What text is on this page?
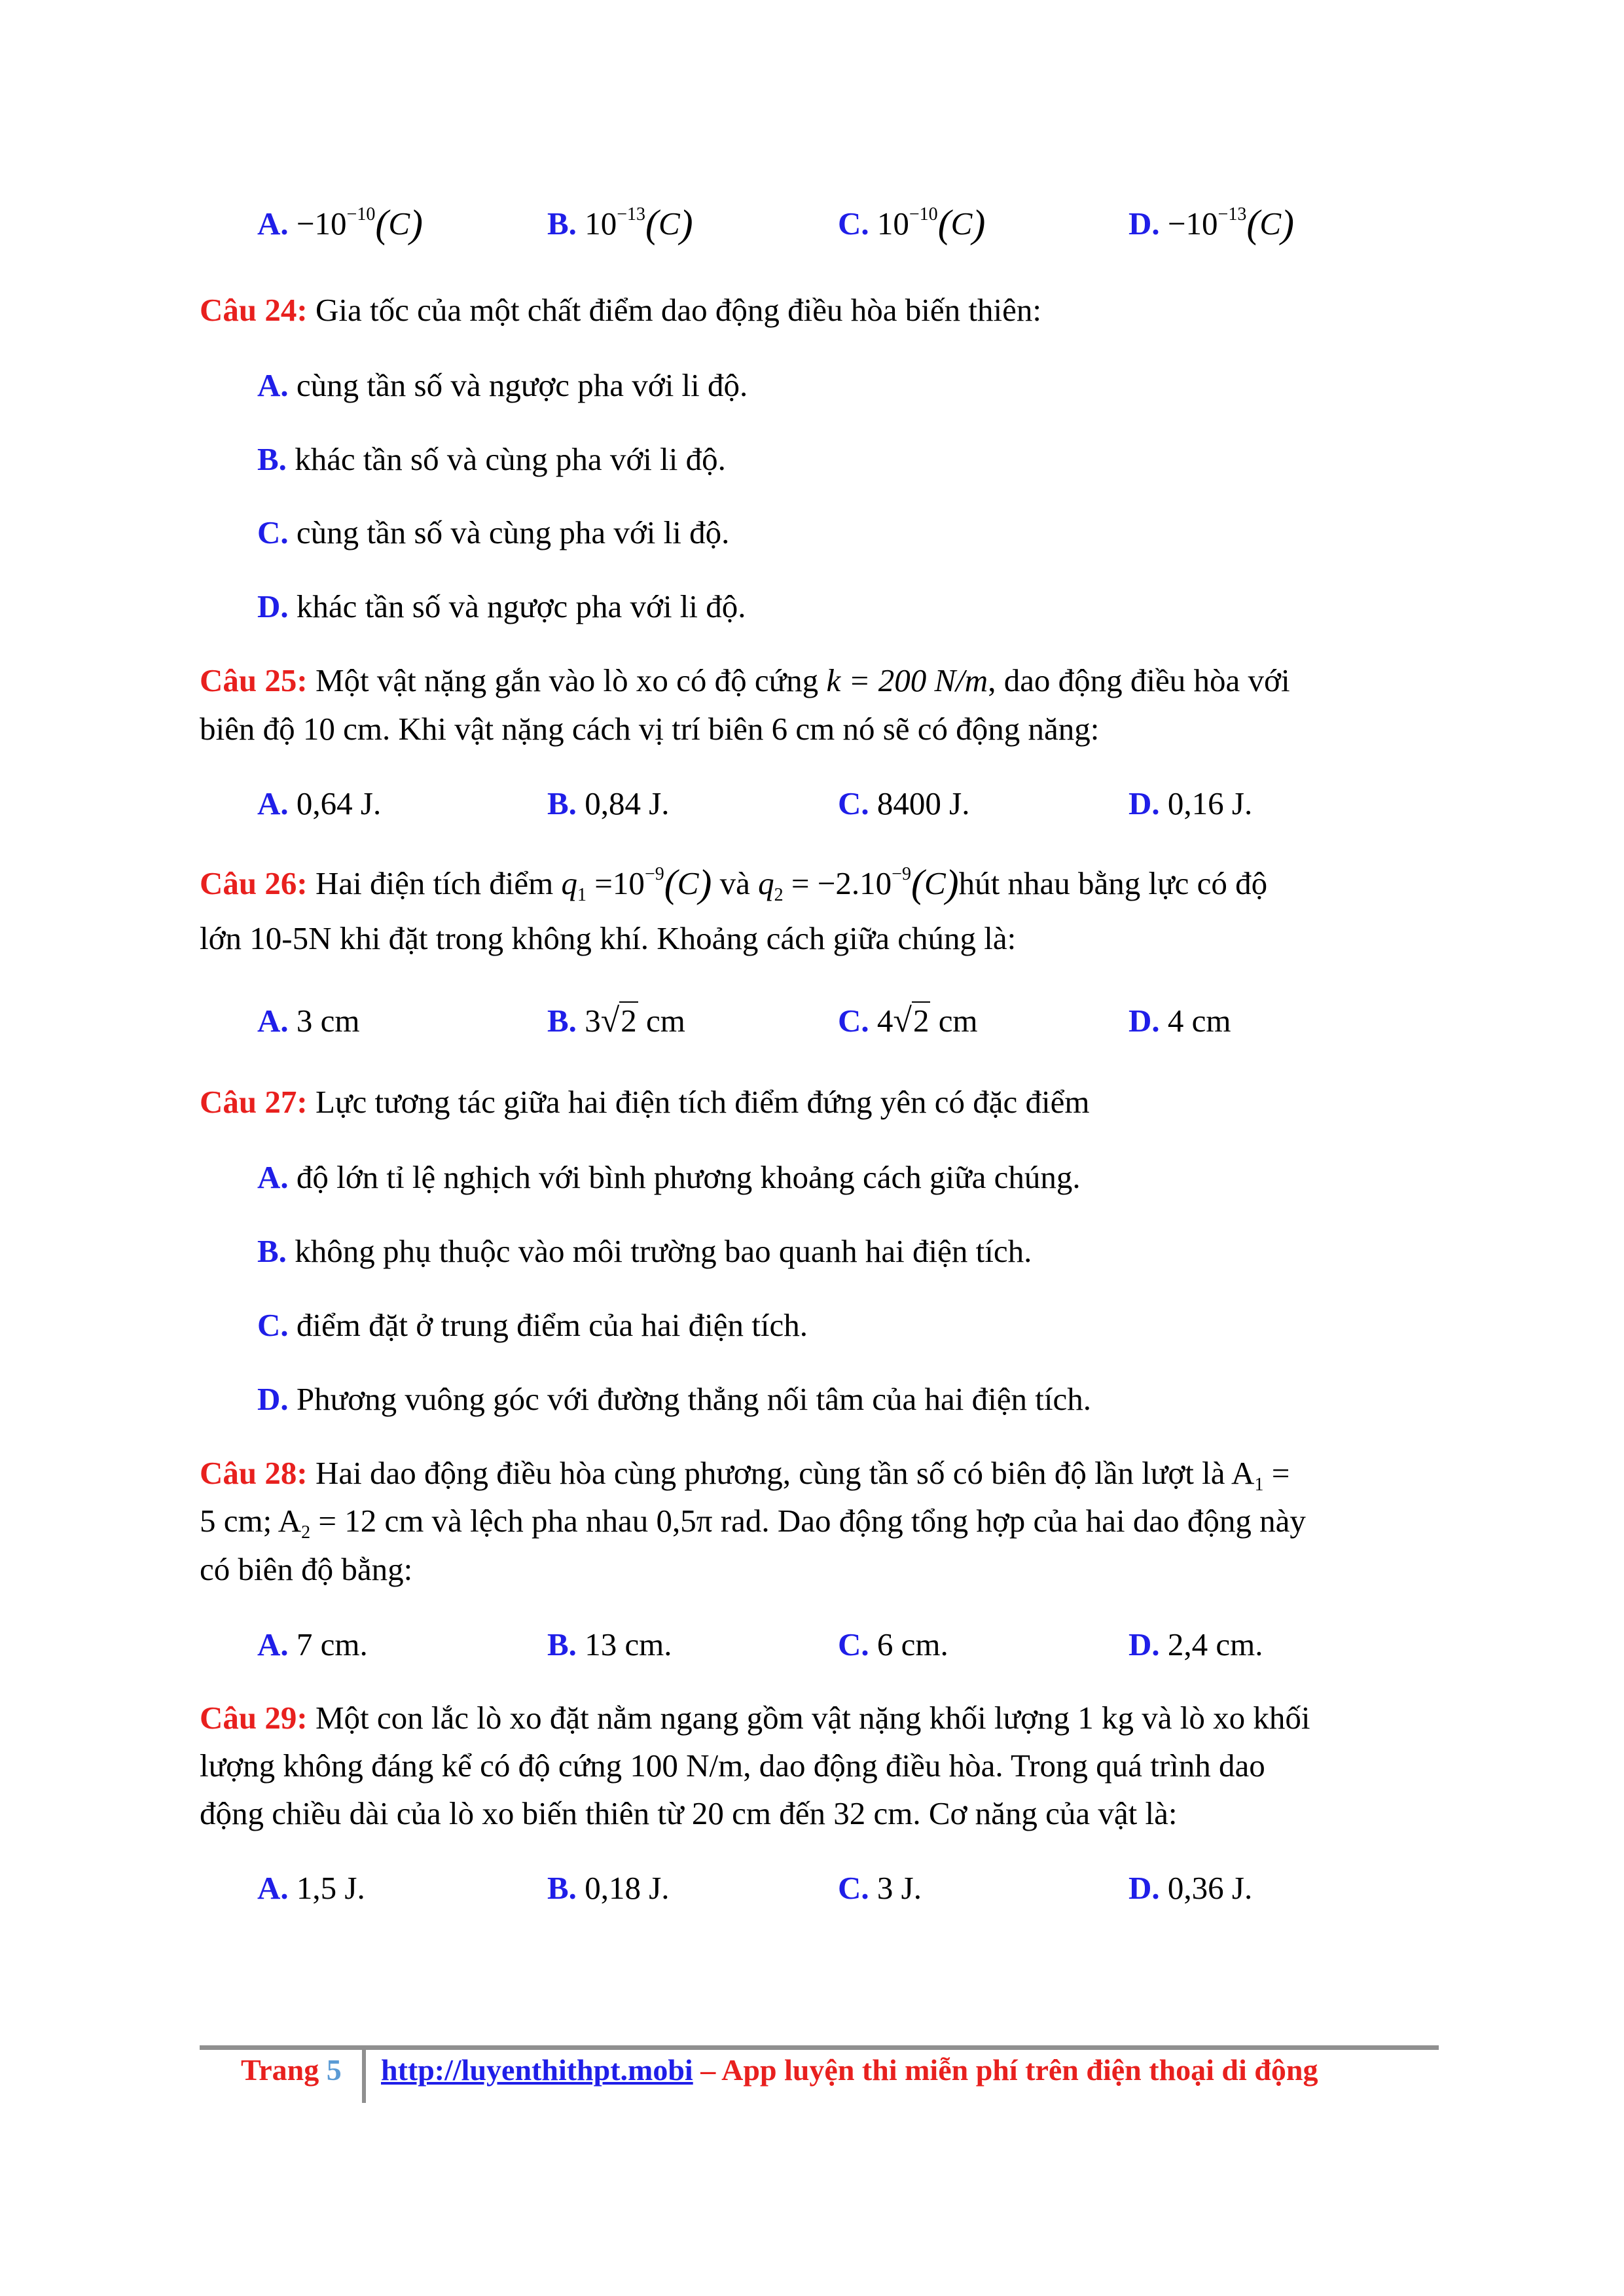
A. $-10^{-10}(C)$	B. $10^{-13}(C)$	C. $10^{-10}(C)$	D. $-10^{-13}(C)$
Câu 24: Gia tốc của một chất điểm dao động điều hòa biến thiên:
A. cùng tần số và ngược pha với li độ.
B. khác tần số và cùng pha với li độ.
C. cùng tần số và cùng pha với li độ.
D. khác tần số và ngược pha với li độ.
Câu 25: Một vật nặng gắn vào lò xo có độ cứng k = 200 N/m, dao động điều hòa với
biên độ 10 cm. Khi vật nặng cách vị trí biên 6 cm nó sẽ có động năng:
A. 0,64 J.	B. 0,84 J.	C. 8400 J.	D. 0,16 J.
Câu 26: Hai điện tích điểm $q_1 =10^{-9}(C)$ và $q_2$ = $-2.10^{-9}(C)hút$ nhau bằng lực có độ
lớn 10-5N khi đặt trong không khí. Khoảng cách giữa chúng là:
A. 3 cm	B. 3√2 cm	C. 4√2 cm	D. 4 cm
Câu 27: Lực tương tác giữa hai điện tích điểm đứng yên có đặc điểm
A. độ lớn tỉ lệ nghịch với bình phương khoảng cách giữa chúng.
B. không phụ thuộc vào môi trường bao quanh hai điện tích.
C. điểm đặt ở trung điểm của hai điện tích.
D. Phương vuông góc với đường thẳng nối tâm của hai điện tích.
Câu 28: Hai dao động điều hòa cùng phương, cùng tần số có biên độ lần lượt là $A_1$ =
5 cm; $A_2 = 12$ cm và lệch pha nhau 0,5π rad. Dao động tổng hợp của hai dao động này
có biên độ bằng:
A. 7 cm.	B. 13 cm.	C. 6 cm.	D. 2,4 cm.
Câu 29: Một con lắc lò xo đặt nằm ngang gồm vật nặng khối lượng 1 kg và lò xo khối
lượng không đáng kể có độ cứng 100 N/m, dao động điều hòa. Trong quá trình dao
động chiều dài của lò xo biến thiên từ 20 cm đến 32 cm. Cơ năng của vật là:
A. 1,5 J.	B. 0,18 J.	C. 3 J.	D. 0,36 J.
Trang 5 http://luyenthithpt.mobi – App luyện thi miễn phí trên điện thoại di động
